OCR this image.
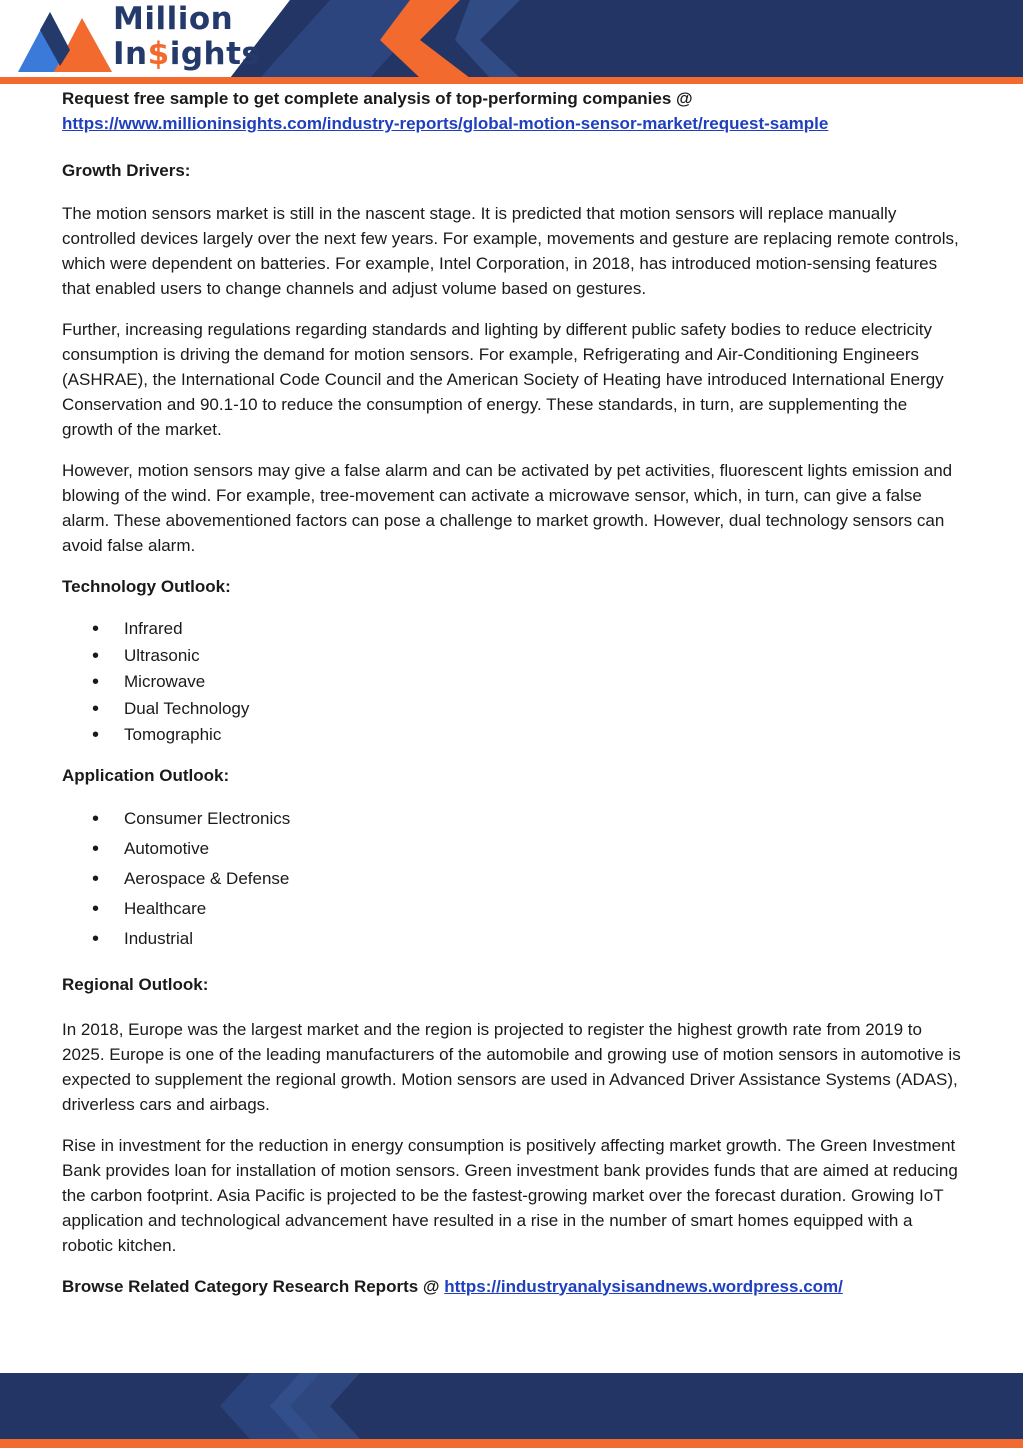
Million
In$ights

Request free sample to get complete analysis of top-performing companies @

https://www.millioninsights.com/industry-reports/global-motion-sensor-market/request-sample

Growth Drivers:

The motion sensors market is still in the nascent stage. It is predicted that motion sensors will replace manually controlled devices largely over the next few years. For example, movements and gesture are replacing remote controls, which were dependent on batteries. For example, Intel Corporation, in 2018, has introduced motion-sensing features that enabled users to change channels and adjust volume based on gestures.

Further, increasing regulations regarding standards and lighting by different public safety bodies to reduce electricity consumption is driving the demand for motion sensors. For example, Refrigerating and Air-Conditioning Engineers (ASHRAE), the International Code Council and the American Society of Heating have introduced International Energy Conservation and 90.1-10 to reduce the consumption of energy. These standards, in turn, are supplementing the growth of the market.

However, motion sensors may give a false alarm and can be activated by pet activities, fluorescent lights emission and blowing of the wind. For example, tree-movement can activate a microwave sensor, which, in turn, can give a false alarm. These abovementioned factors can pose a challenge to market growth. However, dual technology sensors can avoid false alarm.

Technology Outlook:

• Infrared
• Ultrasonic
• Microwave
• Dual Technology
• Tomographic

Application Outlook:

• Consumer Electronics
• Automotive
• Aerospace & Defense
• Healthcare
• Industrial

Regional Outlook:

In 2018, Europe was the largest market and the region is projected to register the highest growth rate from 2019 to 2025. Europe is one of the leading manufacturers of the automobile and growing use of motion sensors in automotive is expected to supplement the regional growth. Motion sensors are used in Advanced Driver Assistance Systems (ADAS), driverless cars and airbags.

Rise in investment for the reduction in energy consumption is positively affecting market growth. The Green Investment Bank provides loan for installation of motion sensors. Green investment bank provides funds that are aimed at reducing the carbon footprint. Asia Pacific is projected to be the fastest-growing market over the forecast duration. Growing IoT application and technological advancement have resulted in a rise in the number of smart homes equipped with a robotic kitchen.

Browse Related Category Research Reports @ https://industryanalysisandnews.wordpress.com/
